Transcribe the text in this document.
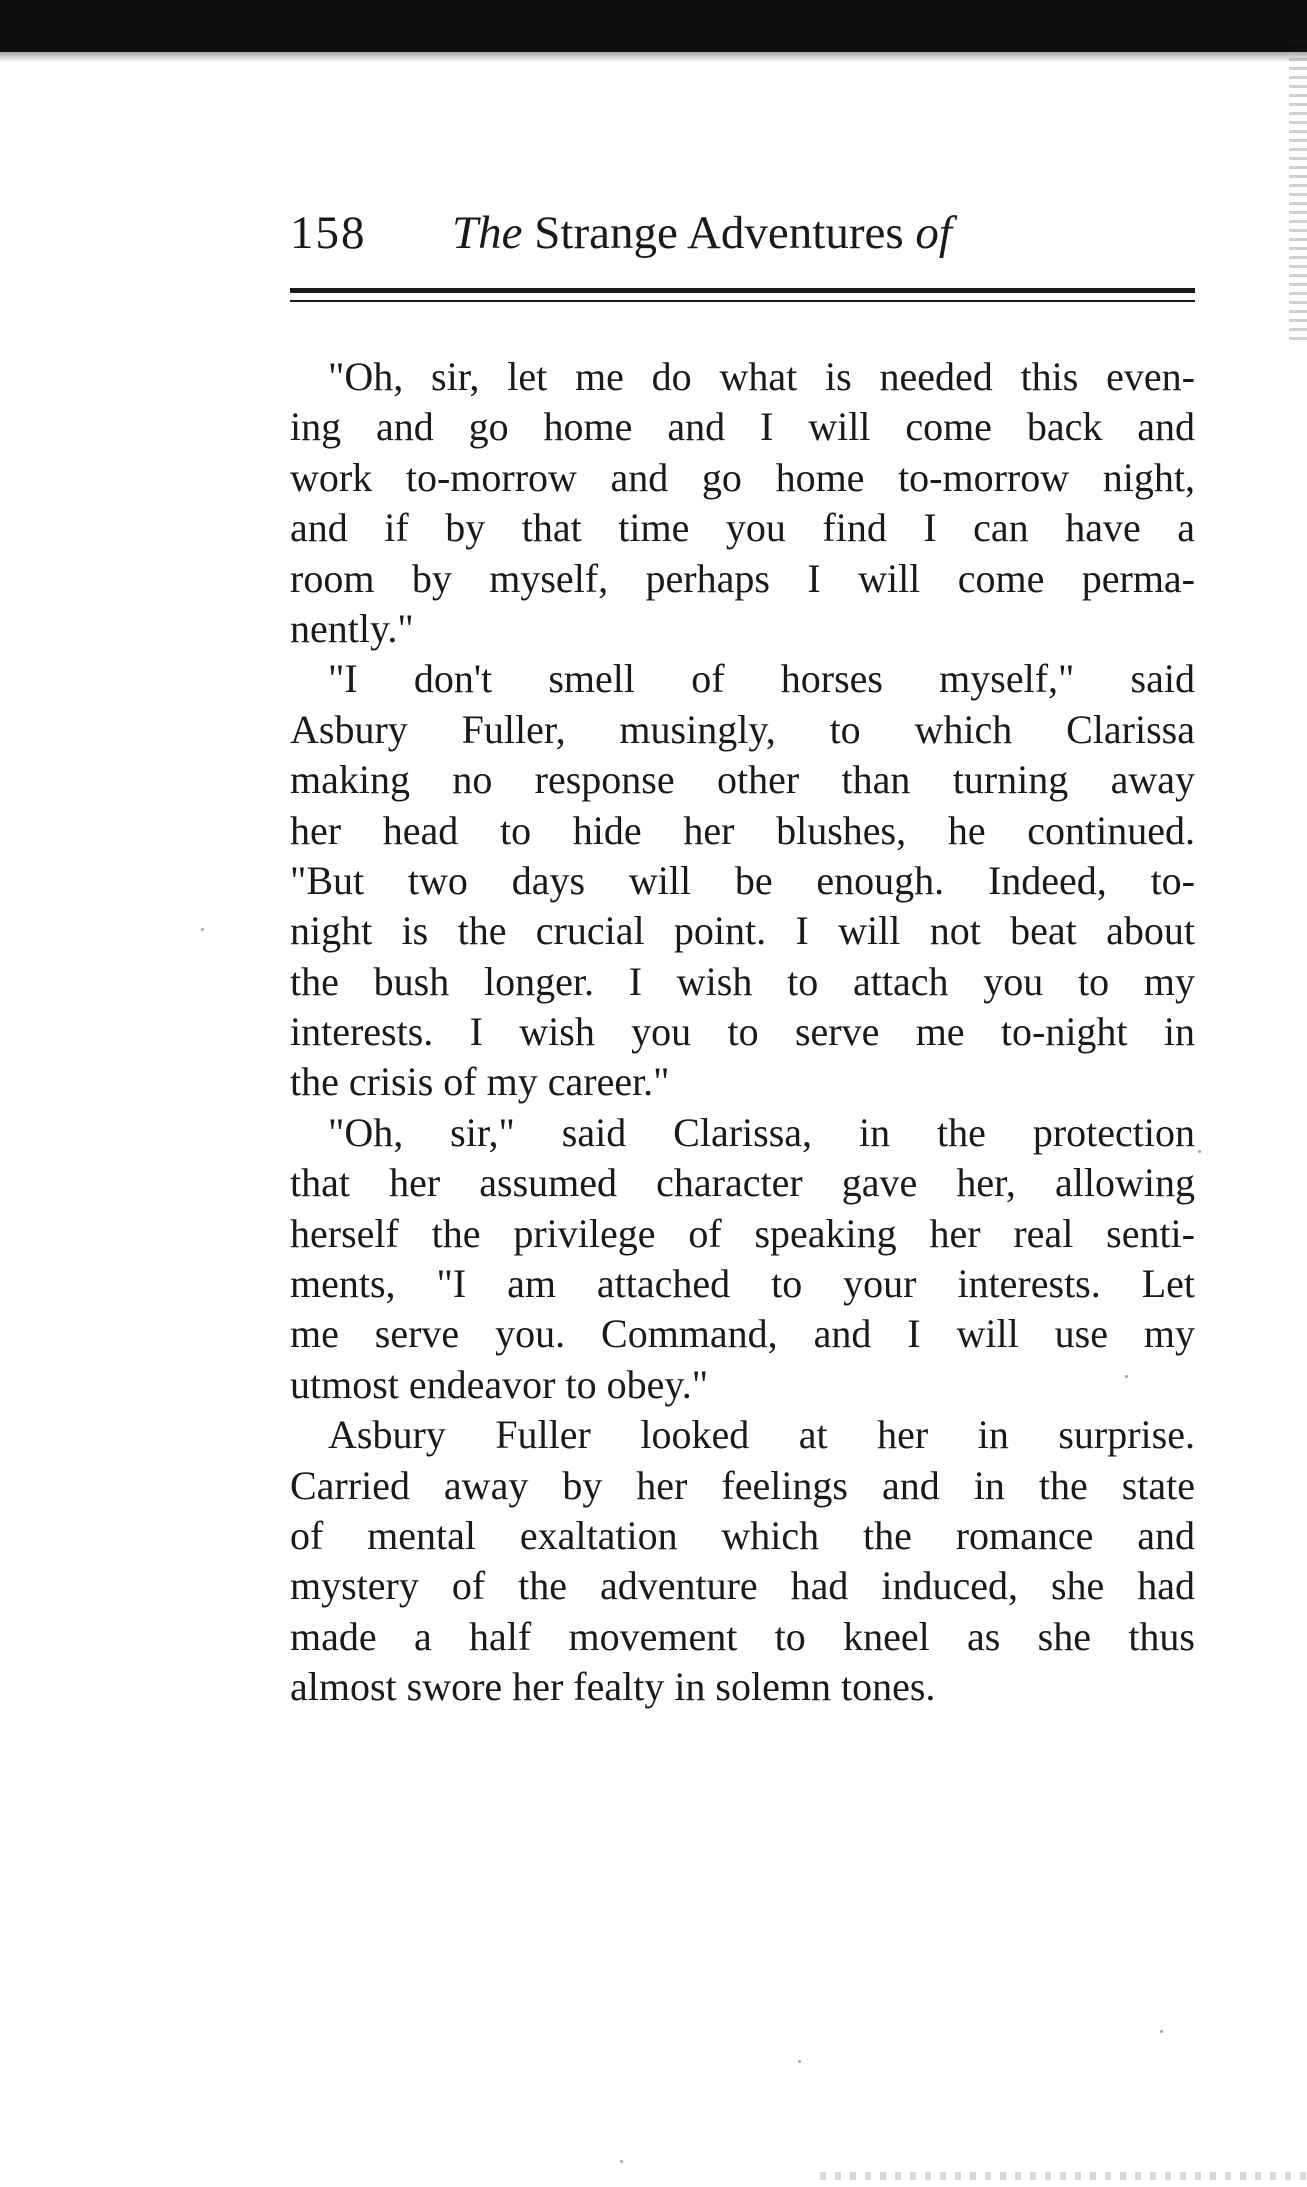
158 The Strange Adventures of
"Oh, sir, let me do what is needed this even-
ing and go home and I will come back and
work to-morrow and go home to-morrow night,
and if by that time you find I can have a
room by myself, perhaps I will come perma-
nently."
"I don't smell of horses myself," said
Asbury Fuller, musingly, to which Clarissa
making no response other than turning away
her head to hide her blushes, he continued.
"But two days will be enough. Indeed, to-
night is the crucial point. I will not beat about
the bush longer. I wish to attach you to my
interests. I wish you to serve me to-night in
the crisis of my career."
"Oh, sir," said Clarissa, in the protection
that her assumed character gave her, allowing
herself the privilege of speaking her real senti-
ments, "I am attached to your interests. Let
me serve you. Command, and I will use my
utmost endeavor to obey."
Asbury Fuller looked at her in surprise.
Carried away by her feelings and in the state
of mental exaltation which the romance and
mystery of the adventure had induced, she had
made a half movement to kneel as she thus
almost swore her fealty in solemn tones.
